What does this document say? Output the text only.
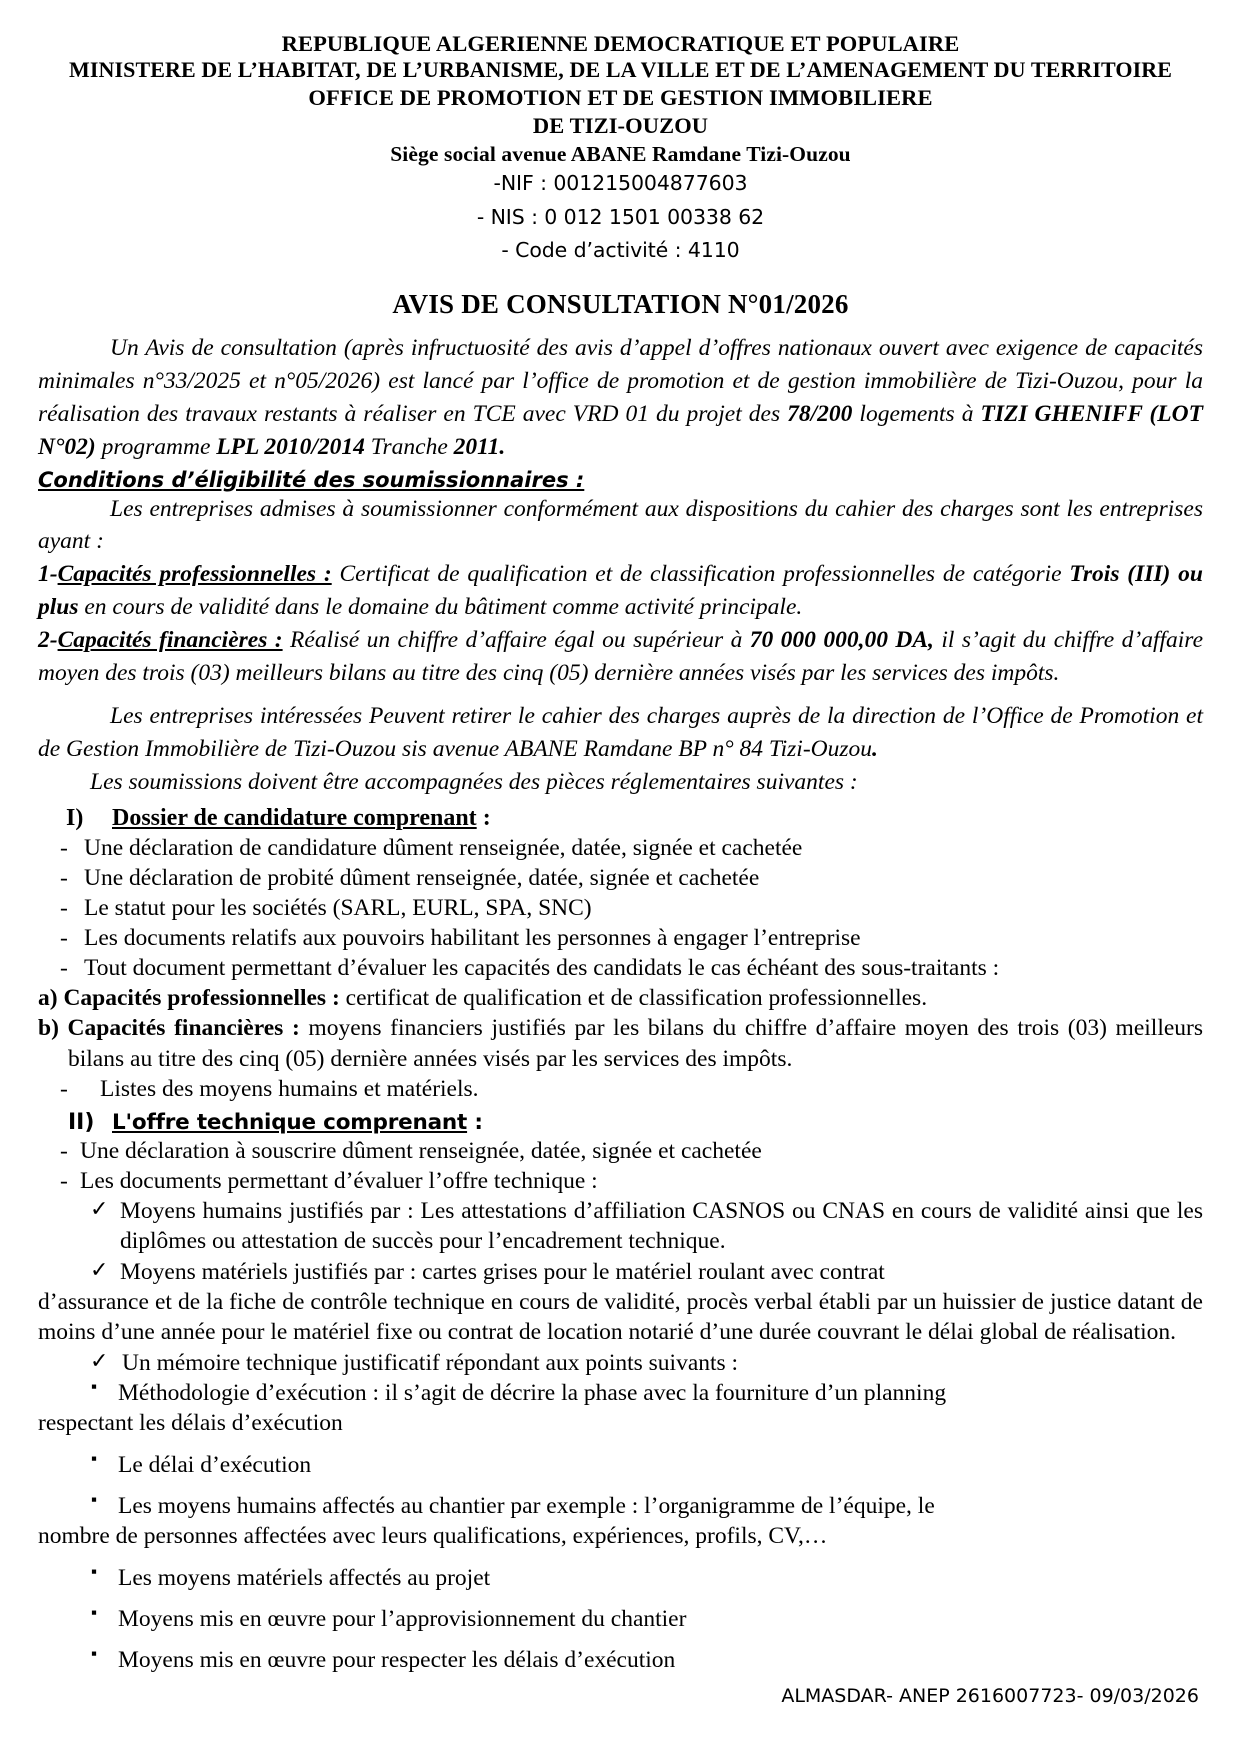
REPUBLIQUE ALGERIENNE DEMOCRATIQUE ET POPULAIRE
MINISTERE DE L’HABITAT, DE L’URBANISME, DE LA VILLE ET DE L’AMENAGEMENT DU TERRITOIRE
OFFICE DE PROMOTION ET DE GESTION IMMOBILIERE
DE TIZI-OUZOU
Siège social avenue ABANE Ramdane Tizi-Ouzou
-NIF : 001215004877603
- NIS : 0 012 1501 00338 62
- Code d’activité : 4110
AVIS DE CONSULTATION N°01/2026

Un Avis de consultation (après infructuosité des avis d’appel d’offres nationaux ouvert avec exigence de capacités minimales n°33/2025 et n°05/2026) est lancé par l’office de promotion et de gestion immobilière de Tizi-Ouzou, pour la réalisation des travaux restants à réaliser en TCE avec VRD 01 du projet des 78/200 logements à TIZI GHENIFF (LOT N°02) programme LPL 2010/2014 Tranche 2011.

Conditions d’éligibilité des soumissionnaires :

Les entreprises admises à soumissionner conformément aux dispositions du cahier des charges sont les entreprises ayant :

1-Capacités professionnelles : Certificat de qualification et de classification professionnelles de catégorie Trois (III) ou plus en cours de validité dans le domaine du bâtiment comme activité principale.

2-Capacités financières : Réalisé un chiffre d’affaire égal ou supérieur à 70 000 000,00 DA, il s’agit du chiffre d’affaire moyen des trois (03) meilleurs bilans au titre des cinq (05) dernière années visés par les services des impôts.

Les entreprises intéressées Peuvent retirer le cahier des charges auprès de la direction de l’Office de Promotion et de Gestion Immobilière de Tizi-Ouzou sis avenue ABANE Ramdane BP n° 84 Tizi-Ouzou.

Les soumissions doivent être accompagnées des pièces réglementaires suivantes :

I)	Dossier de candidature comprenant :
- Une déclaration de candidature dûment renseignée, datée, signée et cachetée
- Une déclaration de probité dûment renseignée, datée, signée et cachetée
- Le statut pour les sociétés (SARL, EURL, SPA, SNC)
- Les documents relatifs aux pouvoirs habilitant les personnes à engager l’entreprise
- Tout document permettant d’évaluer les capacités des candidats le cas échéant des sous-traitants :

a) Capacités professionnelles : certificat de qualification et de classification professionnelles.

b) Capacités financières : moyens financiers justifiés par les bilans du chiffre d’affaire moyen des trois (03) meilleurs bilans au titre des cinq (05) dernière années visés par les services des impôts.

- Listes des moyens humains et matériels.
II) L'offre technique comprenant :
- Une déclaration à souscrire dûment renseignée, datée, signée et cachetée
- Les documents permettant d’évaluer l’offre technique :
✓ Moyens humains justifiés par : Les attestations d’affiliation CASNOS ou CNAS en cours de validité ainsi que les diplômes ou attestation de succès pour l’encadrement technique.
✓ Moyens matériels justifiés par : cartes grises pour le matériel roulant avec contrat

d’assurance et de la fiche de contrôle technique en cours de validité, procès verbal établi par un huissier de justice datant de moins d’une année pour le matériel fixe ou contrat de location notarié d’une durée couvrant le délai global de réalisation.

✓ Un mémoire technique justificatif répondant aux points suivants :
▪ Méthodologie d’exécution : il s’agit de décrire la phase avec la fourniture d’un planning

respectant les délais d’exécution

▪ Le délai d’exécution
▪ Les moyens humains affectés au chantier par exemple : l’organigramme de l’équipe, le

nombre de personnes affectées avec leurs qualifications, expériences, profils, CV,…

▪ Les moyens matériels affectés au projet
▪ Moyens mis en œuvre pour l’approvisionnement du chantier
▪ Moyens mis en œuvre pour respecter les délais d’exécution
ALMASDAR- ANEP 2616007723- 09/03/2026
